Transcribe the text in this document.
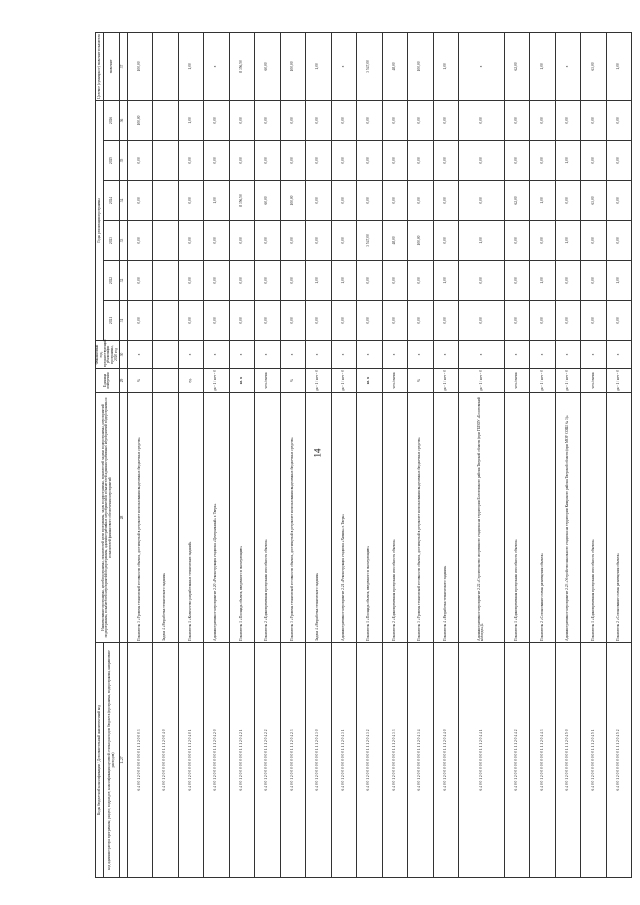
14
Коды бюджетной классификации / Дополнительный аналитический код	Наименование программы, целей программы, показателей цели программы, задач подпрограммы, показателей задачи подпрограммы, мероприятий подпрограммы, показателей мероприятий подпрограммы, административных мероприятий и показателей административных мероприятий подпрограммы и показателей финансового обеспечения мероприятий	Единица измерения	Финансовый год, предшествующий реализации программы, 2020 год	Годы реализации программы						Целевое (суммарное) значение показателя
код администратора программы; раздел; подраздел; классификация целевой статьи расходов бюджета (программа, подпрограмма, направление расходов)				2021	2022	2023	2024	2025	2026	значение
1–27	28	29	30	31	32	33	34	35	36	37
6 4 0 0 1 2 0 0 0 0 0 0 0 0 0 1 1 1 2 0 0 0 3	Показатель 3 «Уровень технической готовности объекта, достигнутый в результате использования выделенных бюджетных средств»	%	х	0,00	0,00	0,00	0,00	0,00	100,00	100,00
6 4 0 0 1 2 0 0 0 0 0 0 0 0 0 1 1 1 2 0 0 4 0	Задача 4 «Разработка технического задания»									
6 4 0 0 1 2 0 0 0 0 0 0 0 0 0 1 1 1 2 0 4 0 1	Показатель 1 «Количество разработанных технических заданий»	ед.	х	0,00	0,00	0,00	0,00	0,00	1,00	1,00
6 4 0 0 1 2 0 0 0 0 0 0 0 0 0 1 1 1 2 0 4 2 0	Административное мероприятие 2.20 «Реконструкция стадиона «Центральный» г. Тверь»	да - 1 / нет - 0	х	0,00	0,00	0,00	1,00	0,00	0,00	х
6 4 0 0 1 2 0 0 0 0 0 0 0 0 0 1 1 1 2 0 4 2 1	Показатель 1 «Площадь объекта, введенного в эксплуатацию»	кв. м	х	0,00	0,00	0,00	8 356,50	0,00	0,00	8 356,50
6 4 0 0 1 2 0 0 0 0 0 0 0 0 0 1 1 1 2 0 4 2 2	Показатель 2 «Единовременная пропускная способность объекта»	чел./смена	х	0,00	0,00	0,00	60,00	0,00	0,00	60,00
6 4 0 0 1 2 0 0 0 0 0 0 0 0 0 1 1 1 2 0 4 2 3	Показатель 3 «Уровень технической готовности объекта, достигнутый в результате использования выделенных бюджетных средств»	%	х	0,00	0,00	0,00	100,00	0,00	0,00	100,00
6 4 0 0 1 2 0 0 0 0 0 0 0 0 0 1 1 1 2 0 4 3 0	Задача 4 «Разработка технического задания»	да - 1 / нет - 0	х	0,00	1,00	0,00	0,00	0,00	0,00	1,00
6 4 0 0 1 2 0 0 0 0 0 0 0 0 0 1 1 1 2 0 4 3 1	Административное мероприятие 2.21 «Реконструкция стадиона «Химик» г. Тверь»	да - 1 / нет - 0	х	0,00	1,00	0,00	0,00	0,00	0,00	х
6 4 0 0 1 2 0 0 0 0 0 0 0 0 0 1 1 1 2 0 4 3 2	Показатель 1 «Площадь объекта, введенного в эксплуатацию»	кв. м	х	0,00	0,00	3 547,00	0,00	0,00	0,00	3 547,00
6 4 0 0 1 2 0 0 0 0 0 0 0 0 0 1 1 1 2 0 4 3 3	Показатель 2 «Единовременная пропускная способность объекта»	чел./смена	х	0,00	0,00	48,00	0,00	0,00	0,00	48,00
6 4 0 0 1 2 0 0 0 0 0 0 0 0 0 1 1 1 2 0 4 3 4	Показатель 3 «Уровень технической готовности объекта, достигнутый в результате использования выделенных бюджетных средств»	%	х	0,00	0,00	100,00	0,00	0,00	0,00	100,00
6 4 0 0 1 2 0 0 0 0 0 0 0 0 0 1 1 1 2 0 4 4 0	Показатель 4 «Разработка технического задания»	да - 1 / нет - 0	х	0,00	1,00	0,00	0,00	0,00	0,00	1,00
6 4 0 0 1 2 0 0 0 0 0 0 0 0 0 1 1 1 2 0 4 4 1	Административное мероприятие 2.22 «Строительство спортивного стадиона на территории Бологовского района Тверской области (при ГБПОУ «Бологовский колледж»)»	да - 1 / нет - 0	х	0,00	0,00	1,00	0,00	0,00	0,00	х
6 4 0 0 1 2 0 0 0 0 0 0 0 0 0 1 1 1 2 0 4 4 2	Показатель 1 «Единовременная пропускная способность объекта»	чел./смена	х	0,00	0,00	0,00	62,00	0,00	0,00	62,00
6 4 0 0 1 2 0 0 0 0 0 0 0 0 0 1 1 1 2 0 4 4 3	Показатель 2 «Согласование схемы размещения объекта»	да - 1 / нет - 0	х	0,00	1,00	0,00	1,00	0,00	0,00	1,00
6 4 0 0 1 2 0 0 0 0 0 0 0 0 0 1 1 1 2 0 4 5 0	Административное мероприятие 2.23 «Устройство школьного стадиона на территории Кимрского района Тверской области (при МОУ СОШ № 3)»	да - 1 / нет - 0	х	0,00	0,00	1,00	0,00	1,00	0,00	х
6 4 0 0 1 2 0 0 0 0 0 0 0 0 0 1 1 1 2 0 4 5 1	Показатель 1 «Единовременная пропускная способность объекта»	чел./смена	х	0,00	0,00	0,00	63,00	0,00	0,00	63,00
6 4 0 0 1 2 0 0 0 0 0 0 0 0 0 1 1 1 2 0 4 5 2	Показатель 2 «Согласование схемы размещения объекта»	да - 1 / нет - 0	х	0,00	1,00	0,00	0,00	0,00	0,00	1,00
